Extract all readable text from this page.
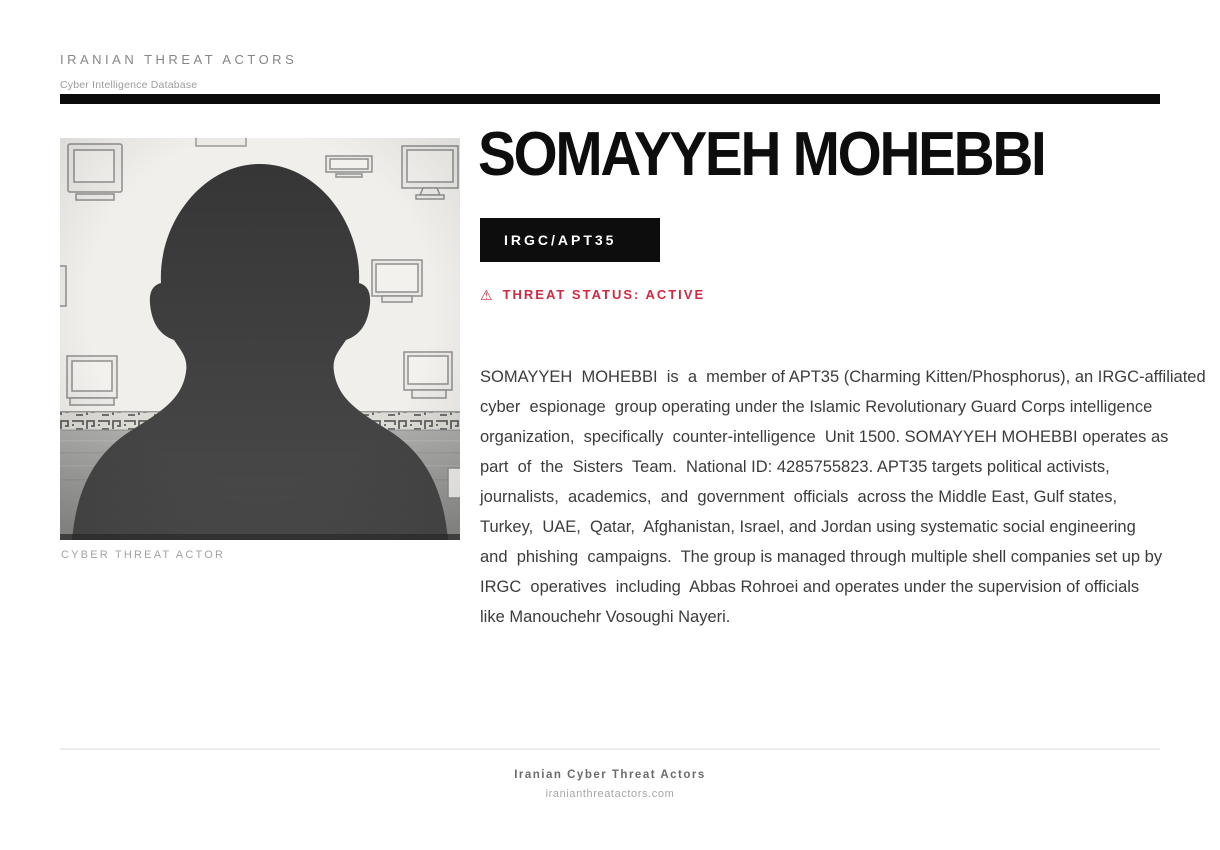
IRANIAN THREAT ACTORS
Cyber Intelligence Database
CYBER THREAT ACTOR
SOMAYYEH MOHEBBI
IRGC/APT35
⚠ THREAT STATUS: ACTIVE
SOMAYYEH  MOHEBBI  is  a  member of APT35 (Charming Kitten/Phosphorus), an IRGC-affiliated
cyber  espionage  group operating under the Islamic Revolutionary Guard Corps intelligence
organization,  specifically  counter-intelligence  Unit 1500. SOMAYYEH MOHEBBI operates as
part  of  the  Sisters  Team.  National ID: 4285755823. APT35 targets political activists,
journalists,  academics,  and  government  officials  across the Middle East, Gulf states,
Turkey,  UAE,  Qatar,  Afghanistan, Israel, and Jordan using systematic social engineering
and  phishing  campaigns.  The group is managed through multiple shell companies set up by
IRGC  operatives  including  Abbas Rohroei and operates under the supervision of officials
like Manouchehr Vosoughi Nayeri.
Iranian Cyber Threat Actors
iranianthreatactors.com
